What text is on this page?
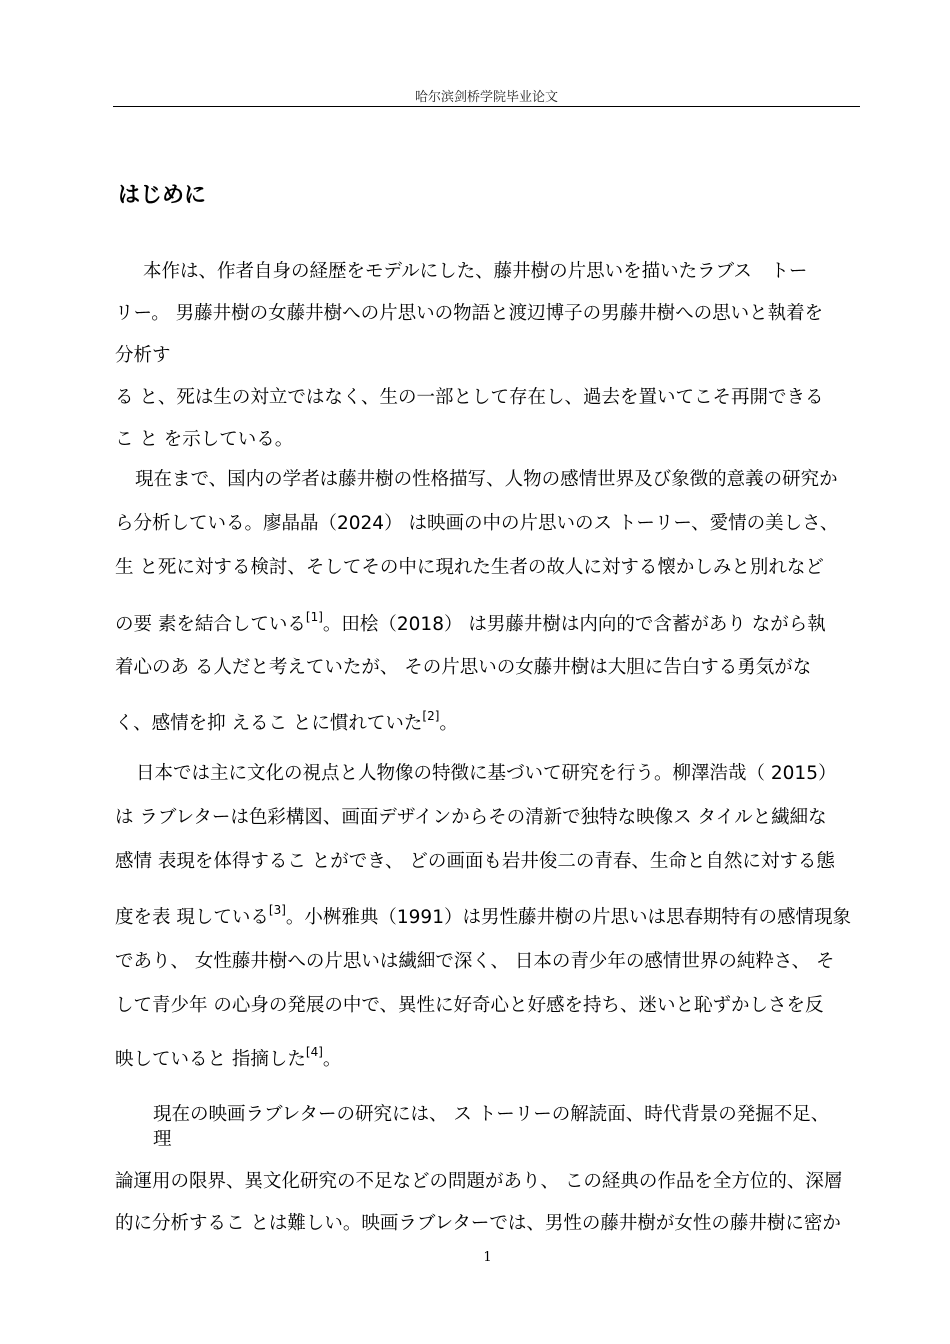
哈尔滨剑桥学院毕业论文
はじめに
本作は、作者自身の経歴をモデルにした、藤井樹の片思いを描いたラブス　トー
リー。 男藤井樹の女藤井樹への片思いの物語と渡辺博子の男藤井樹への思いと執着を
分析す
る と、死は生の対立ではなく、生の一部として存在し、過去を置いてこそ再開できる
こ と を示している。
現在まで、国内の学者は藤井樹の性格描写、人物の感情世界及び象徴的意義の研究か
ら分析している。廖晶晶（2024） は映画の中の片思いのス トーリー、愛情の美しさ、
生 と死に対する検討、そしてその中に現れた生者の故人に対する懐かしみと別れなど
の要 素を結合している[1]。田桧（2018） は男藤井樹は内向的で含蓄があり ながら執
着心のあ る人だと考えていたが、 その片思いの女藤井樹は大胆に告白する勇気がな
く、感情を抑 えるこ とに慣れていた[2]。
日本では主に文化の視点と人物像の特徴に基づいて研究を行う。柳澤浩哉（ 2015）
は ラブレターは色彩構図、画面デザインからその清新で独特な映像ス タイルと繊細な
感情 表現を体得するこ とができ、 どの画面も岩井俊二の青春、生命と自然に対する態
度を表 現している[3]。小桝雅典（1991）は男性藤井樹の片思いは思春期特有の感情現象
であり、 女性藤井樹への片思いは繊細で深く、 日本の青少年の感情世界の純粋さ、 そ
して青少年 の心身の発展の中で、異性に好奇心と好感を持ち、迷いと恥ずかしさを反
映していると 指摘した[4]。
現在の映画ラブレターの研究には、 ス トーリーの解読面、時代背景の発掘不足、
理
論運用の限界、異文化研究の不足などの問題があり、 この経典の作品を全方位的、深層
的に分析するこ とは難しい。映画ラブレターでは、男性の藤井樹が女性の藤井樹に密か
1
